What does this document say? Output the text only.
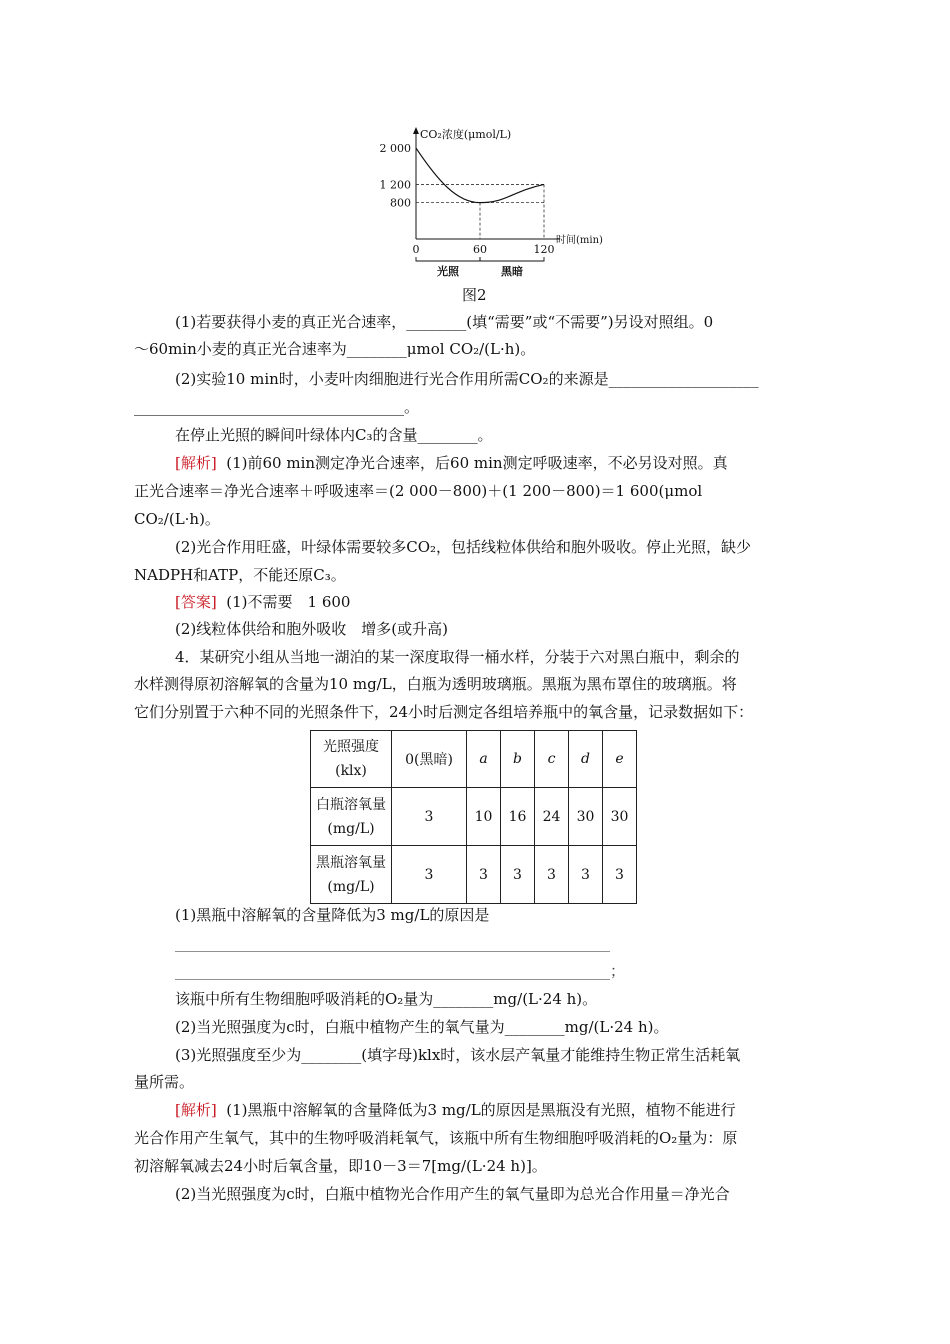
CO₂浓度(μmol/L)
时间(min)
2 000
1 200
800
0	60	120
光照	黑暗
图2
(1)若要获得小麦的真正光合速率，________(填“需要”或“不需要”)另设对照组。0
～60min小麦的真正光合速率为________μmol CO₂/(L·h)。
(2)实验10 min时，小麦叶肉细胞进行光合作用所需CO₂的来源是____________________
____________________________________。
在停止光照的瞬间叶绿体内C₃的含量________。
[解析] (1)前60 min测定净光合速率，后60 min测定呼吸速率，不必另设对照。真
正光合速率＝净光合速率＋呼吸速率＝(2 000－800)＋(1 200－800)＝1 600(μmol
CO₂/(L·h)。
(2)光合作用旺盛，叶绿体需要较多CO₂，包括线粒体供给和胞外吸收。停止光照，缺少
NADPH和ATP，不能还原C₃。
[答案] (1)不需要　1 600
(2)线粒体供给和胞外吸收　增多(或升高)
4．某研究小组从当地一湖泊的某一深度取得一桶水样，分装于六对黑白瓶中，剩余的
水样测得原初溶解氧的含量为10 mg/L，白瓶为透明玻璃瓶。黑瓶为黑布罩住的玻璃瓶。将
它们分别置于六种不同的光照条件下，24小时后测定各组培养瓶中的氧含量，记录数据如下：
光照强度(klx)	0(黑暗)	a	b	c	d	e
白瓶溶氧量(mg/L)	3	10	16	24	30	30
黑瓶溶氧量(mg/L)	3	3	3	3	3	3
(1)黑瓶中溶解氧的含量降低为3 mg/L的原因是
__________________________________________________________
__________________________________________________________；
该瓶中所有生物细胞呼吸消耗的O₂量为________mg/(L·24 h)。
(2)当光照强度为c时，白瓶中植物产生的氧气量为________mg/(L·24 h)。
(3)光照强度至少为________(填字母)klx时，该水层产氧量才能维持生物正常生活耗氧
量所需。
[解析] (1)黑瓶中溶解氧的含量降低为3 mg/L的原因是黑瓶没有光照，植物不能进行
光合作用产生氧气，其中的生物呼吸消耗氧气，该瓶中所有生物细胞呼吸消耗的O₂量为：原
初溶解氧减去24小时后氧含量，即10－3＝7[mg/(L·24 h)]。
(2)当光照强度为c时，白瓶中植物光合作用产生的氧气量即为总光合作用量＝净光合
